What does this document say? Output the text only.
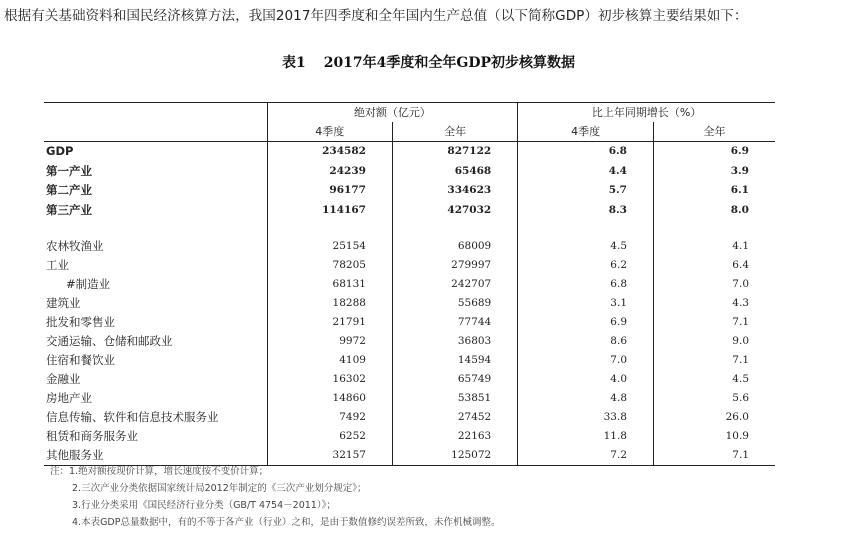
根据有关基础资料和国民经济核算方法，我国2017年四季度和全年国内生产总值（以下简称GDP）初步核算主要结果如下：
表1 2017年4季度和全年GDP初步核算数据
	绝对额（亿元）		比上年同期增长（%）	
	4季度	全年	4季度	全年
GDP	234582	827122	6.8	6.9
第一产业	24239	65468	4.4	3.9
第二产业	96177	334623	5.7	6.1
第三产业	114167	427032	8.3	8.0

农林牧渔业	25154	68009	4.5	4.1
工业	78205	279997	6.2	6.4
#制造业	68131	242707	6.8	7.0
建筑业	18288	55689	3.1	4.3
批发和零售业	21791	77744	6.9	7.1
交通运输、仓储和邮政业	9972	36803	8.6	9.0
住宿和餐饮业	4109	14594	7.0	7.1
金融业	16302	65749	4.0	4.5
房地产业	14860	53851	4.8	5.6
信息传输、软件和信息技术服务业	7492	27452	33.8	26.0
租赁和商务服务业	6252	22163	11.8	10.9
其他服务业	32157	125072	7.2	7.1
注：1.绝对额按现价计算，增长速度按不变价计算；
2.三次产业分类依据国家统计局2012年制定的《三次产业划分规定》；
3.行业分类采用《国民经济行业分类（GB/T 4754－2011）》；
4.本表GDP总量数据中，有的不等于各产业（行业）之和，是由于数值修约误差所致，未作机械调整。
